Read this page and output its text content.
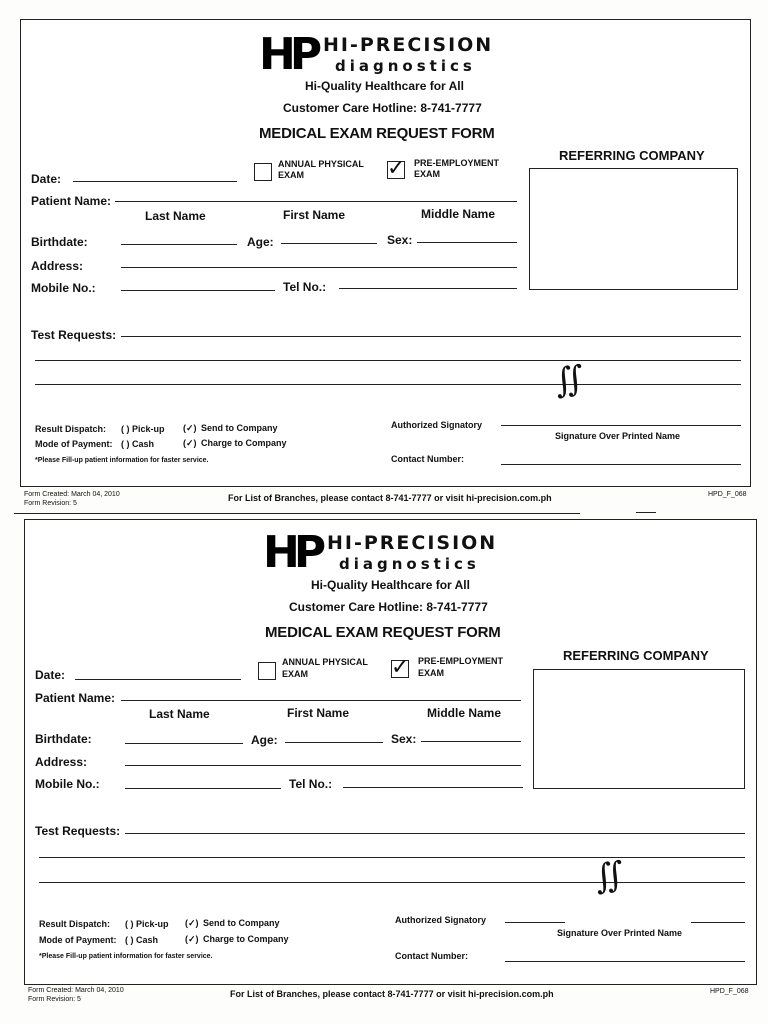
HP HI-PRECISION
diagnostics
Hi-Quality Healthcare for All
Customer Care Hotline: 8-741-7777
MEDICAL EXAM REQUEST FORM
REFERRING COMPANY
Date:
ANNUAL PHYSICAL
EXAM	✓ PRE-EMPLOYMENT
EXAM
Patient Name:
Last Name	First Name	Middle Name
Birthdate:	Age:	Sex:
Address:
Mobile No.:	Tel No.:
Test Requests:
∬
Result Dispatch: ( ) Pick-up (✓) Send to Company
Mode of Payment: ( ) Cash	(✓) Charge to Company
*Please Fill-up patient information for faster service.
Authorized Signatory
Signature Over Printed Name
Contact Number:
Form Created: March 04, 2010
Form Revision: 5
For List of Branches, please contact 8-741-7777 or visit hi-precision.com.ph	HPD_F_068
HP HI-PRECISION
diagnostics
Hi-Quality Healthcare for All
Customer Care Hotline: 8-741-7777
MEDICAL EXAM REQUEST FORM
REFERRING COMPANY
Date:
ANNUAL PHYSICAL
EXAM	✓ PRE-EMPLOYMENT
EXAM
Patient Name:
Last Name	First Name	Middle Name
Birthdate:	Age:	Sex:
Address:
Mobile No.:	Tel No.:
Test Requests:
∬
Result Dispatch: ( ) Pick-up (✓) Send to Company
Mode of Payment: ( ) Cash	(✓) Charge to Company
*Please Fill-up patient information for faster service.
Authorized Signatory
Signature Over Printed Name
Contact Number:
Form Created: March 04, 2010
Form Revision: 5
For List of Branches, please contact 8-741-7777 or visit hi-precision.com.ph	HPD_F_068
